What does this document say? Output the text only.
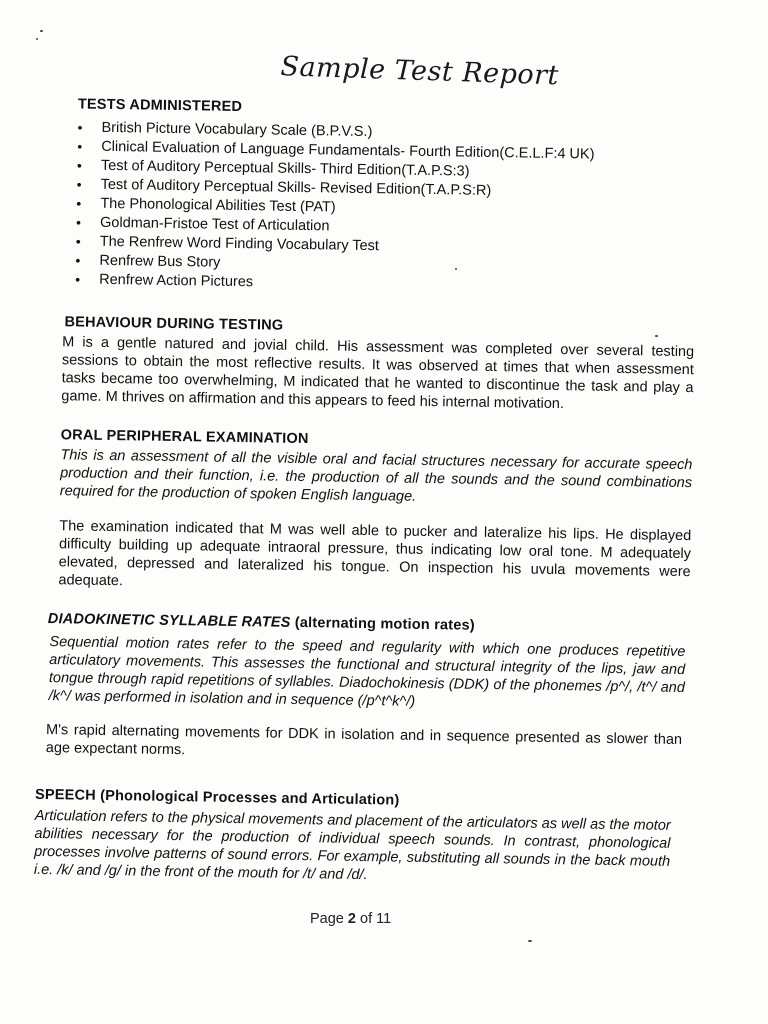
Sample Test Report
TESTS ADMINISTERED
• British Picture Vocabulary Scale (B.P.V.S.)
• Clinical Evaluation of Language Fundamentals- Fourth Edition(C.E.L.F:4 UK)
• Test of Auditory Perceptual Skills- Third Edition(T.A.P.S:3)
• Test of Auditory Perceptual Skills- Revised Edition(T.A.P.S:R)
• The Phonological Abilities Test (PAT)
• Goldman-Fristoe Test of Articulation
• The Renfrew Word Finding Vocabulary Test
• Renfrew Bus Story
• Renfrew Action Pictures
BEHAVIOUR DURING TESTING
M is a gentle natured and jovial child. His assessment was completed over several testing sessions to obtain the most reflective results. It was observed at times that when assessment tasks became too overwhelming, M indicated that he wanted to discontinue the task and play a game. M thrives on affirmation and this appears to feed his internal motivation.
ORAL PERIPHERAL EXAMINATION
This is an assessment of all the visible oral and facial structures necessary for accurate speech production and their function, i.e. the production of all the sounds and the sound combinations required for the production of spoken English language.
The examination indicated that M was well able to pucker and lateralize his lips. He displayed difficulty building up adequate intraoral pressure, thus indicating low oral tone. M adequately elevated, depressed and lateralized his tongue. On inspection his uvula movements were adequate.
DIADOKINETIC SYLLABLE RATES (alternating motion rates)
Sequential motion rates refer to the speed and regularity with which one produces repetitive articulatory movements. This assesses the functional and structural integrity of the lips, jaw and tongue through rapid repetitions of syllables. Diadochokinesis (DDK) of the phonemes /p^/, /t^/ and /k^/ was performed in isolation and in sequence (/p^t^k^/)
M's rapid alternating movements for DDK in isolation and in sequence presented as slower than age expectant norms.
SPEECH (Phonological Processes and Articulation)
Articulation refers to the physical movements and placement of the articulators as well as the motor abilities necessary for the production of individual speech sounds. In contrast, phonological processes involve patterns of sound errors. For example, substituting all sounds in the back mouth i.e. /k/ and /g/ in the front of the mouth for /t/ and /d/.
Page 2 of 11
